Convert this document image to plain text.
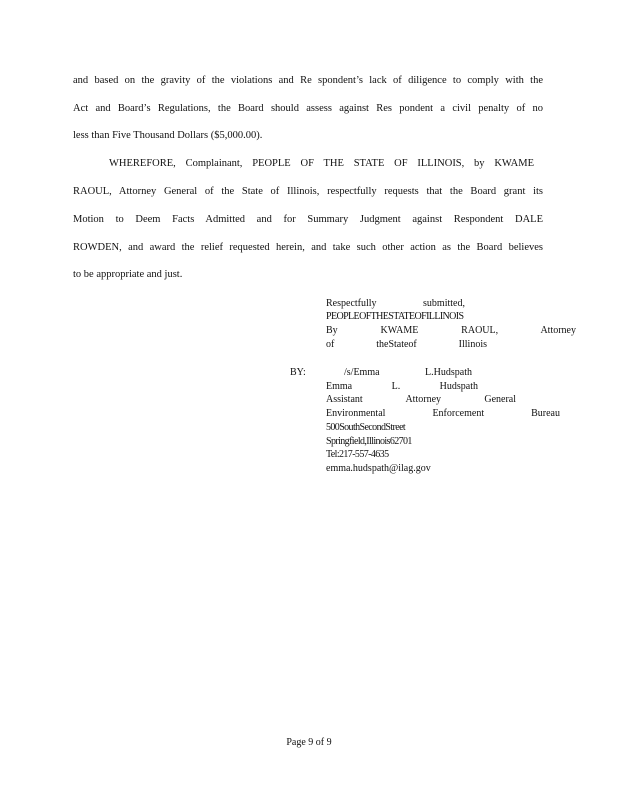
and based on the gravity of the violations and Re spondent’s lack of diligence to comply with the
Act and Board’s Regulations, the Board should assess against Res pondent a civil penalty of no
less than Five Thousand Dollars ($5,000.00).
WHEREFORE, Complainant, PEOPLE OF THE STATE OF ILLINOIS, by KWAME
RAOUL, Attorney General of the State of Illinois, respectfully requests that the Board grant its
Motion to Deem Facts Admitted and for Summary Judgment against Respondent DALE
ROWDEN, and award the relief requested herein, and take such other action as the Board believes
to be appropriate and just.
Respectfully submitted,
PEOPLEOFTHESTATEOFILLINOIS
By KWAME RAOUL, Attorney
of theStateof Illinois
BY:	/s/Emma L.Hudspath
Emma L. Hudspath
Assistant Attorney General
Environmental Enforcement Bureau
500SouthSecondStreet
Springfield,Illinois62701
Tel:217-557-4635
emma.hudspath@ilag.gov
Page 9 of 9
